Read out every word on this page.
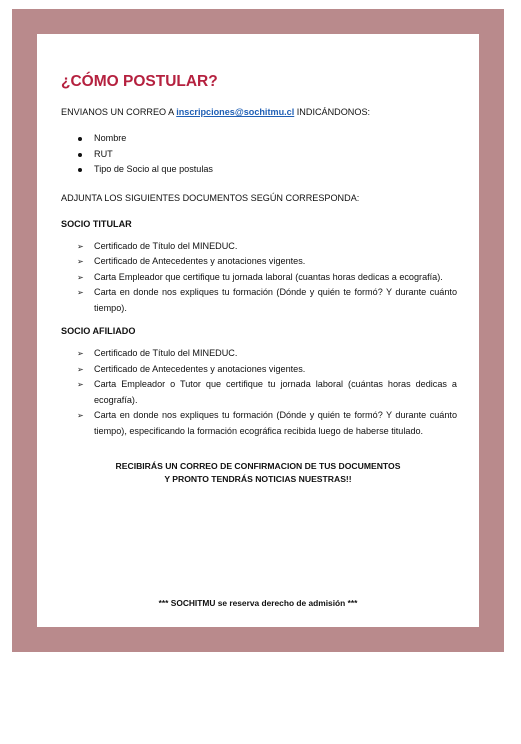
¿CÓMO POSTULAR?

ENVIANOS UN CORREO A inscripciones@sochitmu.cl INDICÁNDONOS:

Nombre
RUT
Tipo de Socio al que postulas

ADJUNTA LOS SIGUIENTES DOCUMENTOS SEGÚN CORRESPONDA:

SOCIO TITULAR

➢ Certificado de Título del MINEDUC.
➢ Certificado de Antecedentes y anotaciones vigentes.
➢ Carta Empleador que certifique tu jornada laboral (cuantas horas dedicas a ecografía).
➢ Carta en donde nos expliques tu formación (Dónde y quién te formó? Y durante cuánto tiempo).

SOCIO AFILIADO

➢ Certificado de Título del MINEDUC.
➢ Certificado de Antecedentes y anotaciones vigentes.
➢ Carta Empleador o Tutor que certifique tu jornada laboral (cuántas horas dedicas a ecografía).
➢ Carta en donde nos expliques tu formación (Dónde y quién te formó? Y durante cuánto tiempo), especificando la formación ecográfica recibida luego de haberse titulado.
RECIBIRÁS UN CORREO DE CONFIRMACION DE TUS DOCUMENTOS
Y PRONTO TENDRÁS NOTICIAS NUESTRAS!!
*** SOCHITMU se reserva derecho de admisión ***
